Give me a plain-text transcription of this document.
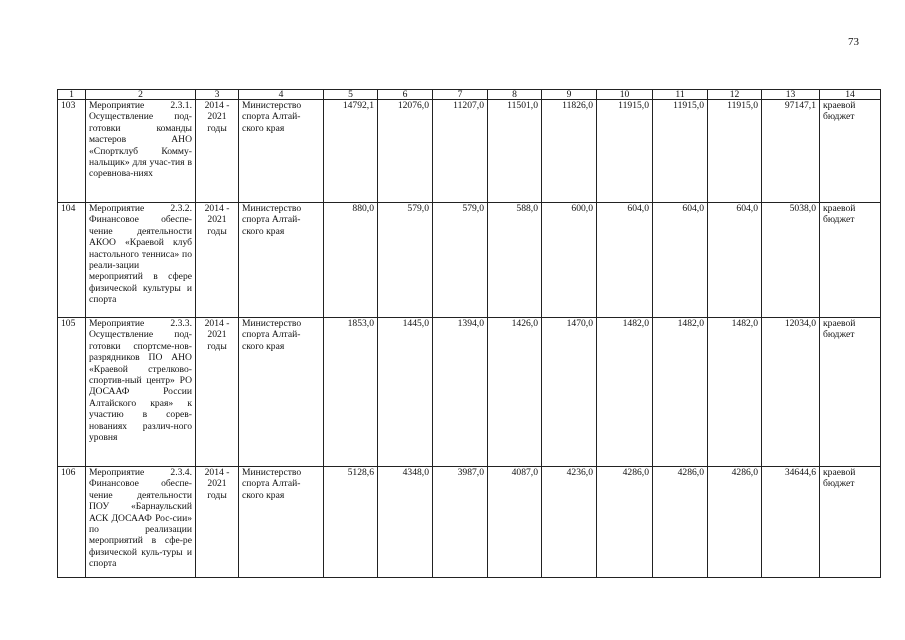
73
1	2	3	4	5	6	7	8	9	10	11	12	13	14
103	Мероприятие 2.3.1. Осуществление под-готовки команды мастеров АНО «Спортклуб Комму-нальщик» для учас-тия в соревнова-ниях	2014 - 2021 годы	Министерство спорта Алтай-ского края	14792,1	12076,0	11207,0	11501,0	11826,0	11915,0	11915,0	11915,0	97147,1	краевой бюджет
104	Мероприятие 2.3.2. Финансовое обеспе-чение деятельности АКОО «Краевой клуб настольного тенниса» по реали-зации мероприятий в сфере физической культуры и спорта	2014 - 2021 годы	Министерство спорта Алтай-ского края	880,0	579,0	579,0	588,0	600,0	604,0	604,0	604,0	5038,0	краевой бюджет
105	Мероприятие 2.3.3. Осуществление под-готовки спортсме-нов-разрядников ПО АНО «Краевой стрелково-спортив-ный центр» РО ДОСААФ России Алтайского края» к участию в сорев-нованиях различ-ного уровня	2014 - 2021 годы	Министерство спорта Алтай-ского края	1853,0	1445,0	1394,0	1426,0	1470,0	1482,0	1482,0	1482,0	12034,0	краевой бюджет
106	Мероприятие 2.3.4. Финансовое обеспе-чение деятельности ПОУ «Барнаульский АСК ДОСААФ Рос-сии» по реализации мероприятий в сфе-ре физической куль-туры и спорта	2014 - 2021 годы	Министерство спорта Алтай-ского края	5128,6	4348,0	3987,0	4087,0	4236,0	4286,0	4286,0	4286,0	34644,6	краевой бюджет
